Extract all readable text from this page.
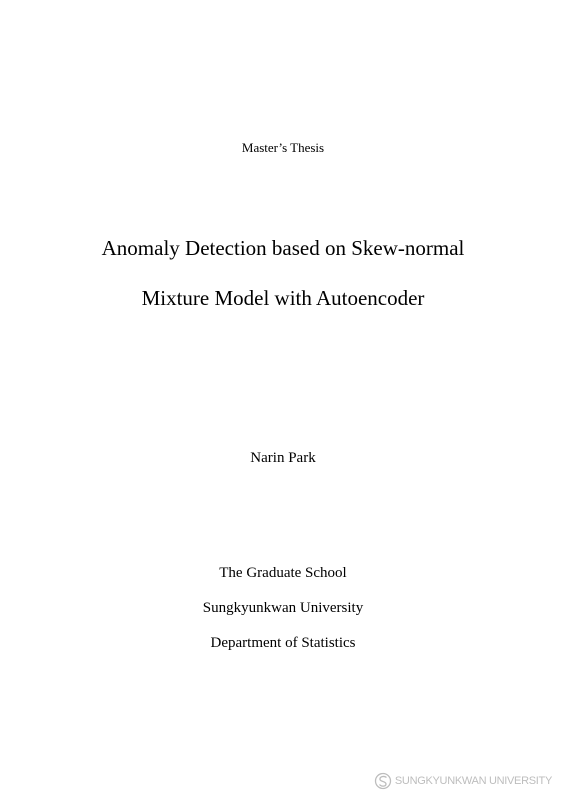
Master’s Thesis
Anomaly Detection based on Skew-normal
Mixture Model with Autoencoder
Narin Park
The Graduate School
Sungkyunkwan University
Department of Statistics
SUNGKYUNKWAN UNIVERSITY
